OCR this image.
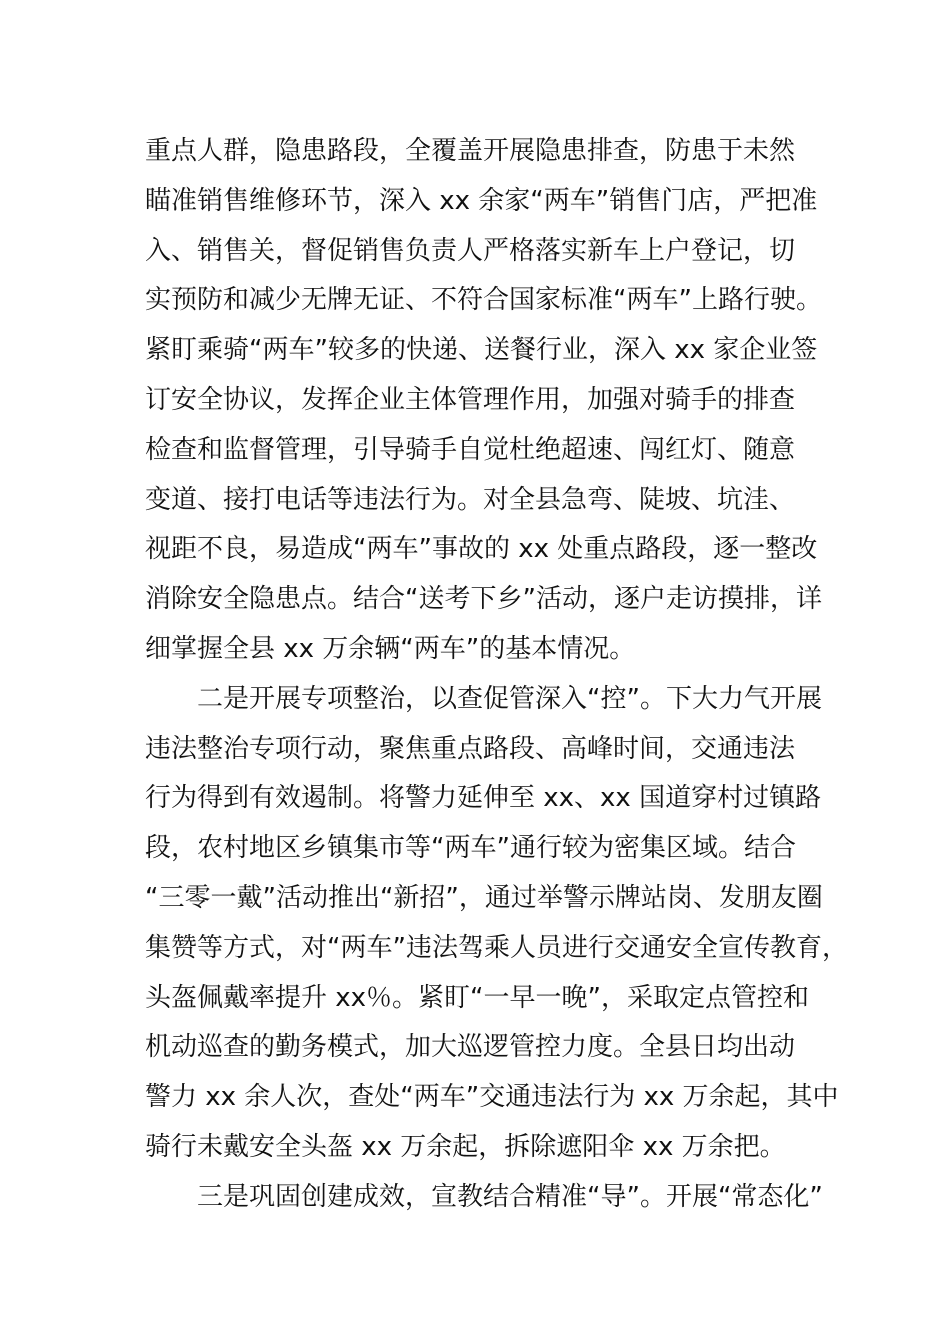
重点人群，隐患路段，全覆盖开展隐患排查，防患于未然
瞄准销售维修环节，深入 xx 余家“两车”销售门店，严把准
入、销售关，督促销售负责人严格落实新车上户登记，切
实预防和减少无牌无证、不符合国家标准“两车”上路行驶。
紧盯乘骑“两车”较多的快递、送餐行业，深入 xx 家企业签
订安全协议，发挥企业主体管理作用，加强对骑手的排查
检查和监督管理，引导骑手自觉杜绝超速、闯红灯、随意
变道、接打电话等违法行为。对全县急弯、陡坡、坑洼、
视距不良，易造成“两车”事故的 xx 处重点路段，逐一整改
消除安全隐患点。结合“送考下乡”活动，逐户走访摸排，详
细掌握全县 xx 万余辆“两车”的基本情况。
二是开展专项整治，以查促管深入“控”。下大力气开展
违法整治专项行动，聚焦重点路段、高峰时间，交通违法
行为得到有效遏制。将警力延伸至 xx、xx 国道穿村过镇路
段，农村地区乡镇集市等“两车”通行较为密集区域。结合
“三零一戴”活动推出“新招”，通过举警示牌站岗、发朋友圈
集赞等方式，对“两车”违法驾乘人员进行交通安全宣传教育，
头盔佩戴率提升 xx％。紧盯“一早一晚”，采取定点管控和
机动巡查的勤务模式，加大巡逻管控力度。全县日均出动
警力 xx 余人次，查处“两车”交通违法行为 xx 万余起，其中
骑行未戴安全头盔 xx 万余起，拆除遮阳伞 xx 万余把。
三是巩固创建成效，宣教结合精准“导”。开展“常态化”
